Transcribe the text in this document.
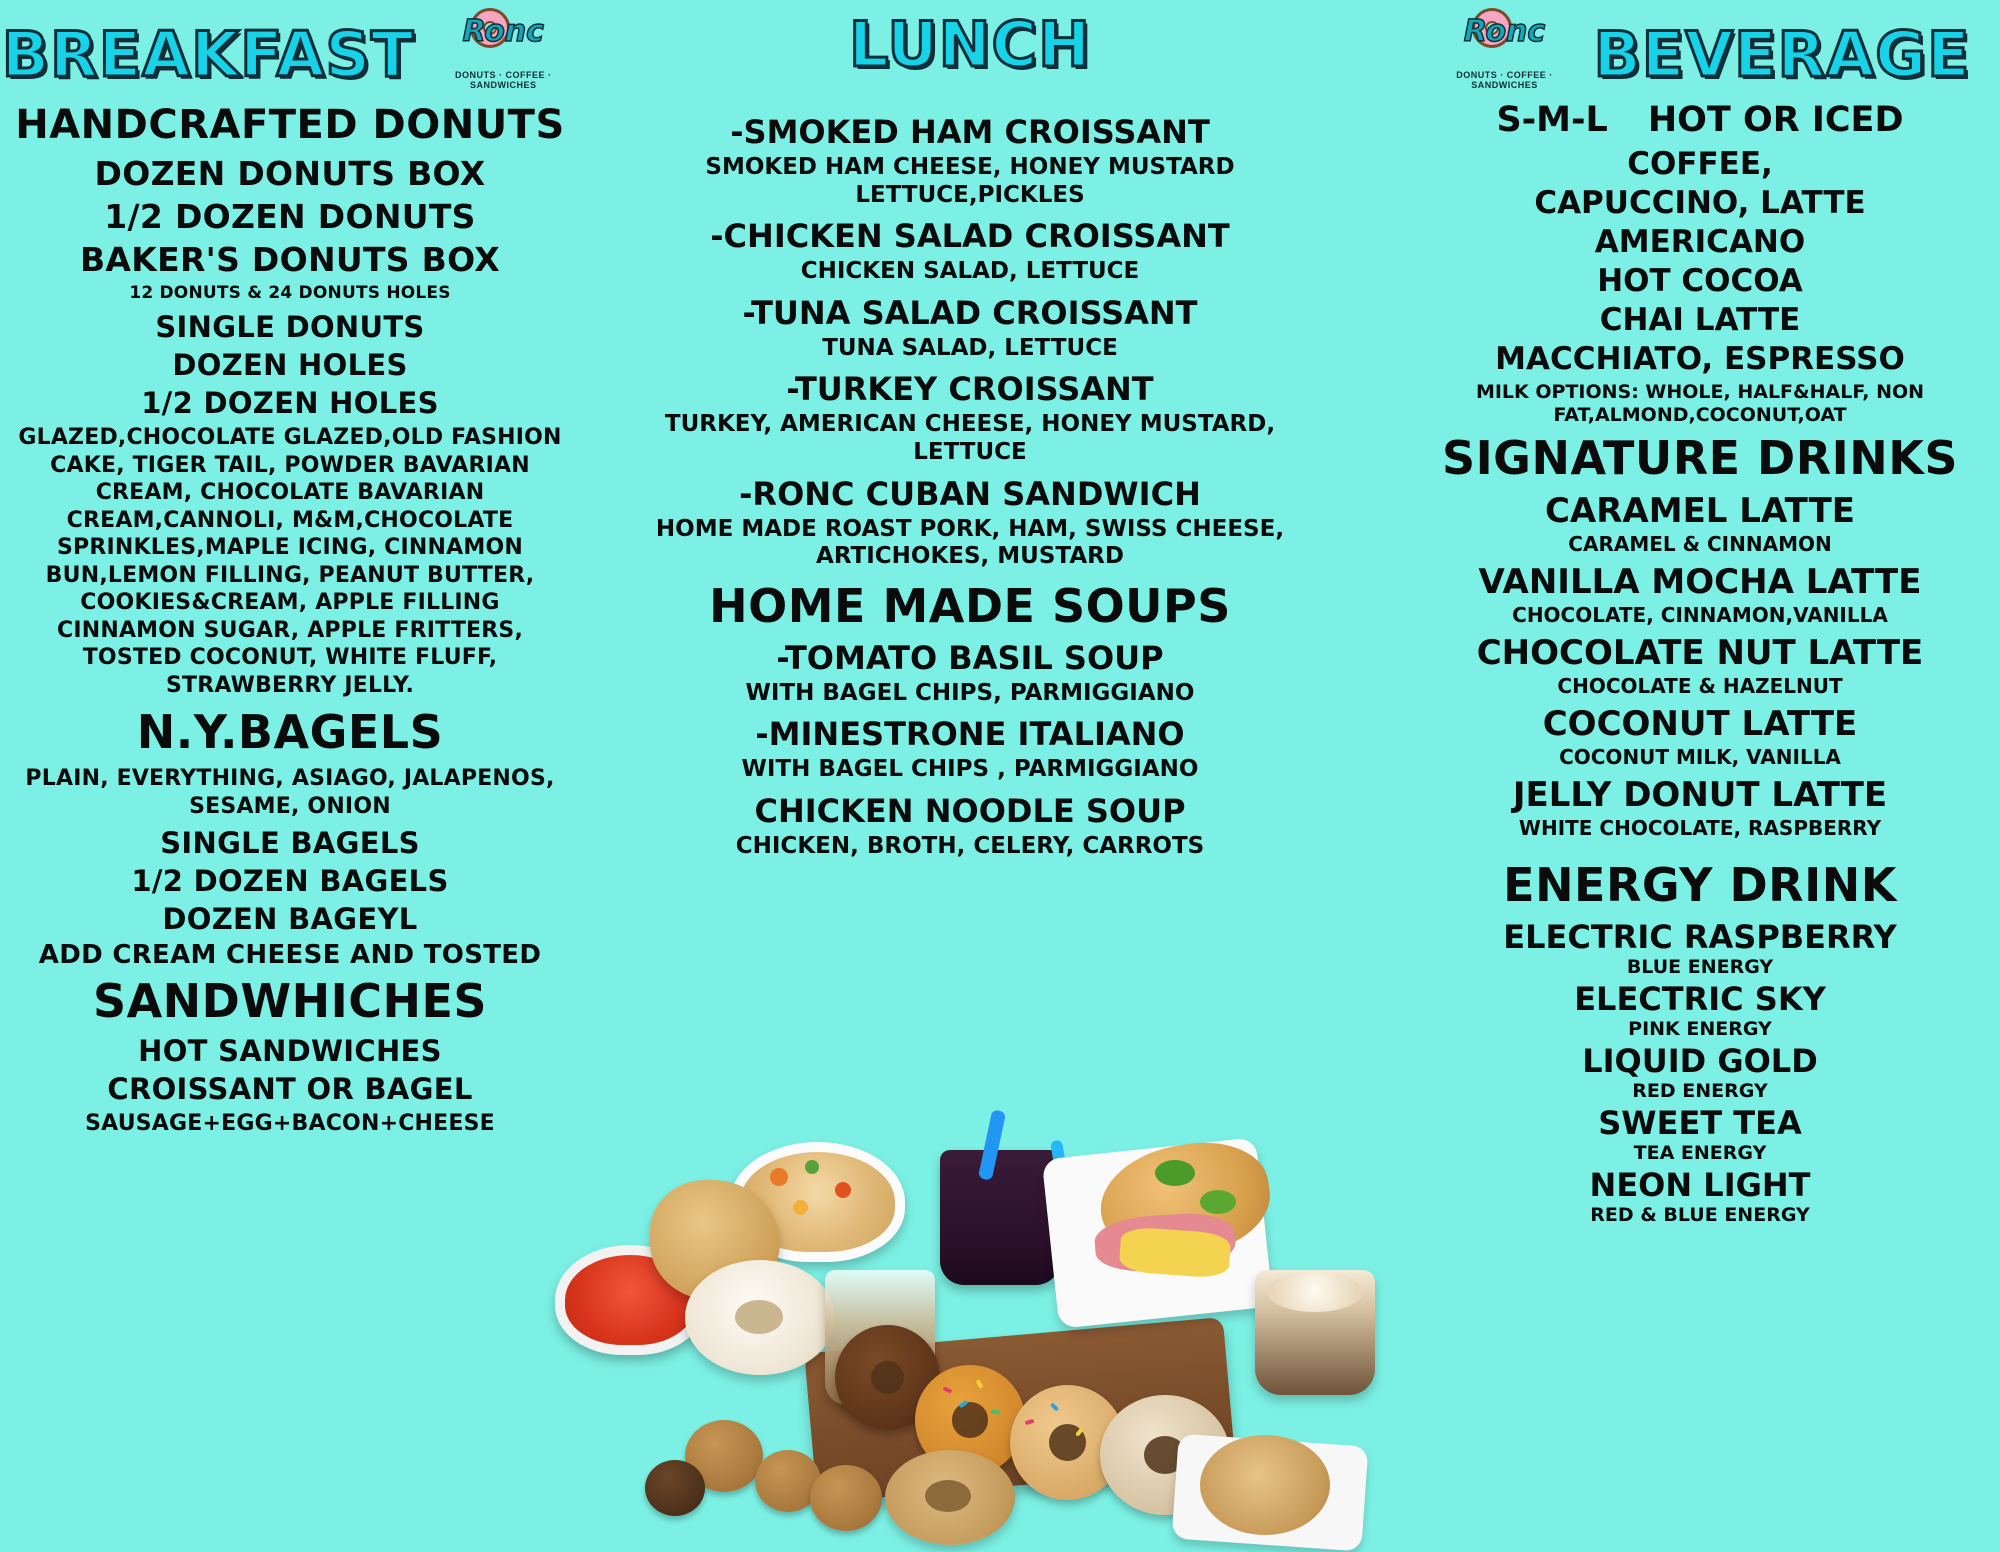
BREAKFAST	Ronc
DONUTS · COFFEE · SANDWICHES
HANDCRAFTED DONUTS
DOZEN DONUTS BOX
1/2 DOZEN DONUTS
BAKER'S DONUTS BOX
12 DONUTS & 24 DONUTS HOLES
SINGLE DONUTS
DOZEN HOLES
1/2 DOZEN HOLES
GLAZED,CHOCOLATE GLAZED,OLD FASHION CAKE, TIGER TAIL, POWDER BAVARIAN CREAM, CHOCOLATE BAVARIAN CREAM,CANNOLI, M&M,CHOCOLATE SPRINKLES,MAPLE ICING, CINNAMON BUN,LEMON FILLING, PEANUT BUTTER, COOKIES&CREAM, APPLE FILLING CINNAMON SUGAR, APPLE FRITTERS, TOSTED COCONUT, WHITE FLUFF, STRAWBERRY JELLY.
N.Y.BAGELS
PLAIN, EVERYTHING, ASIAGO, JALAPENOS, SESAME, ONION
SINGLE BAGELS
1/2 DOZEN BAGELS
DOZEN BAGEYL
ADD CREAM CHEESE AND TOSTED
SANDWHICHES
HOT SANDWICHES
CROISSANT OR BAGEL
SAUSAGE+EGG+BACON+CHEESE
LUNCH
-SMOKED HAM CROISSANT
SMOKED HAM CHEESE, HONEY MUSTARD LETTUCE,PICKLES
-CHICKEN SALAD CROISSANT
CHICKEN SALAD, LETTUCE
-TUNA SALAD CROISSANT
TUNA SALAD, LETTUCE
-TURKEY CROISSANT
TURKEY, AMERICAN CHEESE, HONEY MUSTARD, LETTUCE
-RONC CUBAN SANDWICH
HOME MADE ROAST PORK, HAM, SWISS CHEESE, ARTICHOKES, MUSTARD
HOME MADE SOUPS
-TOMATO BASIL SOUP
WITH BAGEL CHIPS, PARMIGGIANO
-MINESTRONE ITALIANO
WITH BAGEL CHIPS , PARMIGGIANO
CHICKEN NOODLE SOUP
CHICKEN, BROTH, CELERY, CARROTS
Ronc
DONUTS · COFFEE · SANDWICHES BEVERAGE
S-M-L HOT OR ICED
COFFEE,
CAPUCCINO, LATTE
AMERICANO
HOT COCOA
CHAI LATTE
MACCHIATO, ESPRESSO
MILK OPTIONS: WHOLE, HALF&HALF, NON FAT,ALMOND,COCONUT,OAT
SIGNATURE DRINKS
CARAMEL LATTE
CARAMEL & CINNAMON
VANILLA MOCHA LATTE
CHOCOLATE, CINNAMON,VANILLA
CHOCOLATE NUT LATTE
CHOCOLATE & HAZELNUT
COCONUT LATTE
COCONUT MILK, VANILLA
JELLY DONUT LATTE
WHITE CHOCOLATE, RASPBERRY
ENERGY DRINK
ELECTRIC RASPBERRY
BLUE ENERGY
ELECTRIC SKY
PINK ENERGY
LIQUID GOLD
RED ENERGY
SWEET TEA
TEA ENERGY
NEON LIGHT
RED & BLUE ENERGY
